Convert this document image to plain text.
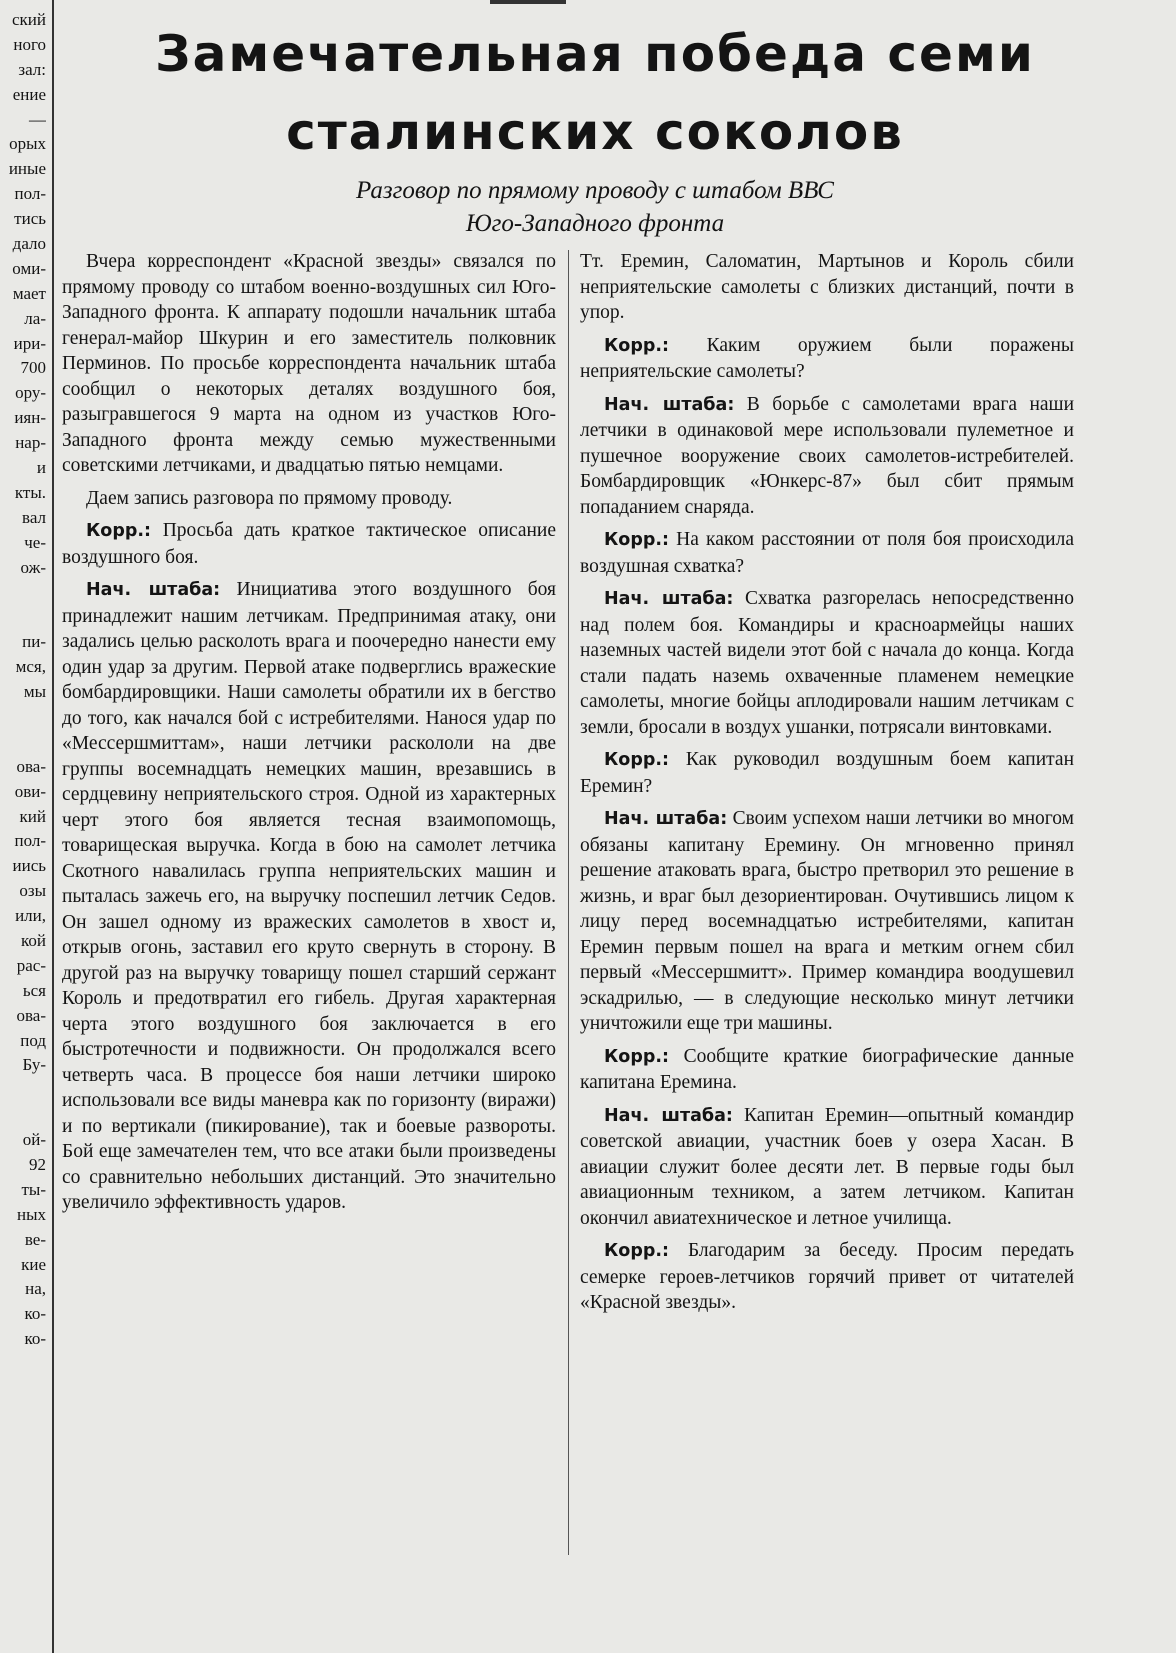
ский
ного
зал:
ение
—
орых
иные
пол-
тись
дало
оми-
мает
ла-
ири-
700
ору-
иян-
нар-
и
кты.
вал
че-
ож-
пи-
мся,
мы
ова-
ови-
кий
пол-
иись
озы
или,
кой
рас-
ься
ова-
под
Бу-
ой-
92
ты-
ных
ве-
кие
на,
ко-
ко-
Замечательная победа семи
сталинских соколов
Разговор по прямому проводу с штабом ВВС
Юго-Западного фронта

Вчера корреспондент «Красной звезды» связался по прямому проводу со штабом военно-воздушных сил Юго-Западного фронта. К аппарату подошли начальник штаба генерал-майор Шкурин и его заместитель полковник Перминов. По просьбе корреспондента начальник штаба сообщил о некоторых деталях воздушного боя, разыгравшегося 9 марта на одном из участков Юго-Западного фронта между семью мужественными советскими летчиками, и двадцатью пятью немцами.

Даем запись разговора по прямому проводу.

Корр.: Просьба дать краткое тактическое описание воздушного боя.

Нач. штаба: Инициатива этого воздушного боя принадлежит нашим летчикам. Предпринимая атаку, они задались целью расколоть врага и поочередно нанести ему один удар за другим. Первой атаке подверглись вражеские бомбардировщики. Наши самолеты обратили их в бегство до того, как начался бой с истребителями. Нанося удар по «Мессершмиттам», наши летчики раскололи на две группы восемнадцать немецких машин, врезавшись в сердцевину неприятельского строя. Одной из характерных черт этого боя является тесная взаимопомощь, товарищеская выручка. Когда в бою на самолет летчика Скотного навалилась группа неприятельских машин и пыталась зажечь его, на выручку поспешил летчик Седов. Он зашел одному из вражеских самолетов в хвост и, открыв огонь, заставил его круто свернуть в сторону. В другой раз на выручку товарищу пошел старший сержант Король и предотвратил его гибель. Другая характерная черта этого воздушного боя заключается в его быстротечности и подвижности. Он продолжался всего четверть часа. В процессе боя наши летчики широко использовали все виды маневра как по горизонту (виражи) и по вертикали (пикирование), так и боевые развороты. Бой еще замечателен тем, что все атаки были произведены со сравнительно небольших дистанций. Это значительно увеличило эффективность ударов.

Тт. Еремин, Саломатин, Мартынов и Король сбили неприятельские самолеты с близких дистанций, почти в упор.

Корр.: Каким оружием были поражены неприятельские самолеты?

Нач. штаба: В борьбе с самолетами врага наши летчики в одинаковой мере использовали пулеметное и пушечное вооружение своих самолетов-истребителей. Бомбардировщик «Юнкерс-87» был сбит прямым попаданием снаряда.

Корр.: На каком расстоянии от поля боя происходила воздушная схватка?

Нач. штаба: Схватка разгорелась непосредственно над полем боя. Командиры и красноармейцы наших наземных частей видели этот бой с начала до конца. Когда стали падать наземь охваченные пламенем немецкие самолеты, многие бойцы аплодировали нашим летчикам с земли, бросали в воздух ушанки, потрясали винтовками.

Корр.: Как руководил воздушным боем капитан Еремин?

Нач. штаба: Своим успехом наши летчики во многом обязаны капитану Еремину. Он мгновенно принял решение атаковать врага, быстро претворил это решение в жизнь, и враг был дезориентирован. Очутившись лицом к лицу перед восемнадцатью истребителями, капитан Еремин первым пошел на врага и метким огнем сбил первый «Мессершмитт». Пример командира воодушевил эскадрилью, — в следующие несколько минут летчики уничтожили еще три машины.

Корр.: Сообщите краткие биографические данные капитана Еремина.

Нач. штаба: Капитан Еремин—опытный командир советской авиации, участник боев у озера Хасан. В авиации служит более десяти лет. В первые годы был авиационным техником, а затем летчиком. Капитан окончил авиатехническое и летное училища.

Корр.: Благодарим за беседу. Просим передать семерке героев-летчиков горячий привет от читателей «Красной звезды».
